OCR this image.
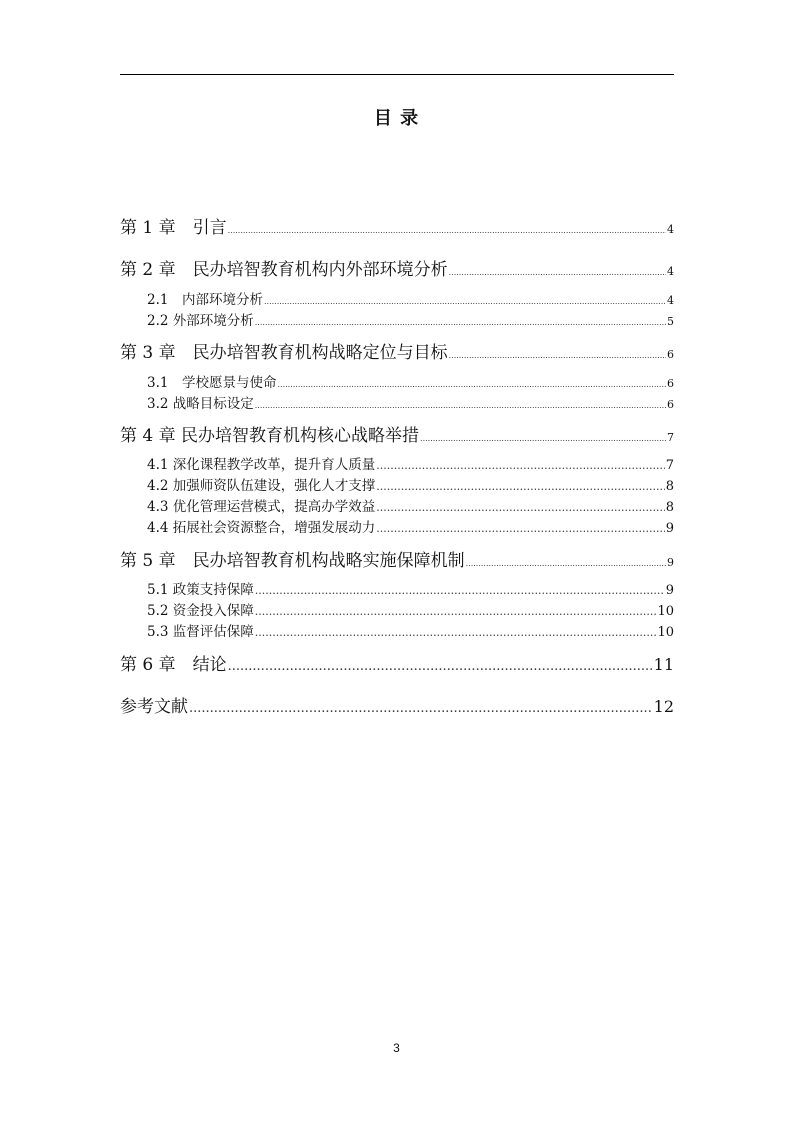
目 录
第 1 章　引言 .....	4
第 2 章　民办培智教育机构内外部环境分析 .....	4
2.1　内部环境分析 .....	4
2.2 外部环境分析 .....	5
第 3 章　民办培智教育机构战略定位与目标 .....	6
3.1　学校愿景与使命 .....	6
3.2 战略目标设定 .....	6
第 4 章 民办培智教育机构核心战略举措 .....	7
4.1 深化课程教学改革，提升育人质量 .....	7
4.2 加强师资队伍建设，强化人才支撑 .....	8
4.3 优化管理运营模式，提高办学效益 .....	8
4.4 拓展社会资源整合，增强发展动力 .....	9
第 5 章　民办培智教育机构战略实施保障机制 .....	9
5.1 政策支持保障 .....	9
5.2 资金投入保障 .....	10
5.3 监督评估保障 .....	10
第 6 章　结论 .....	11
参考文献 .....	12
3
